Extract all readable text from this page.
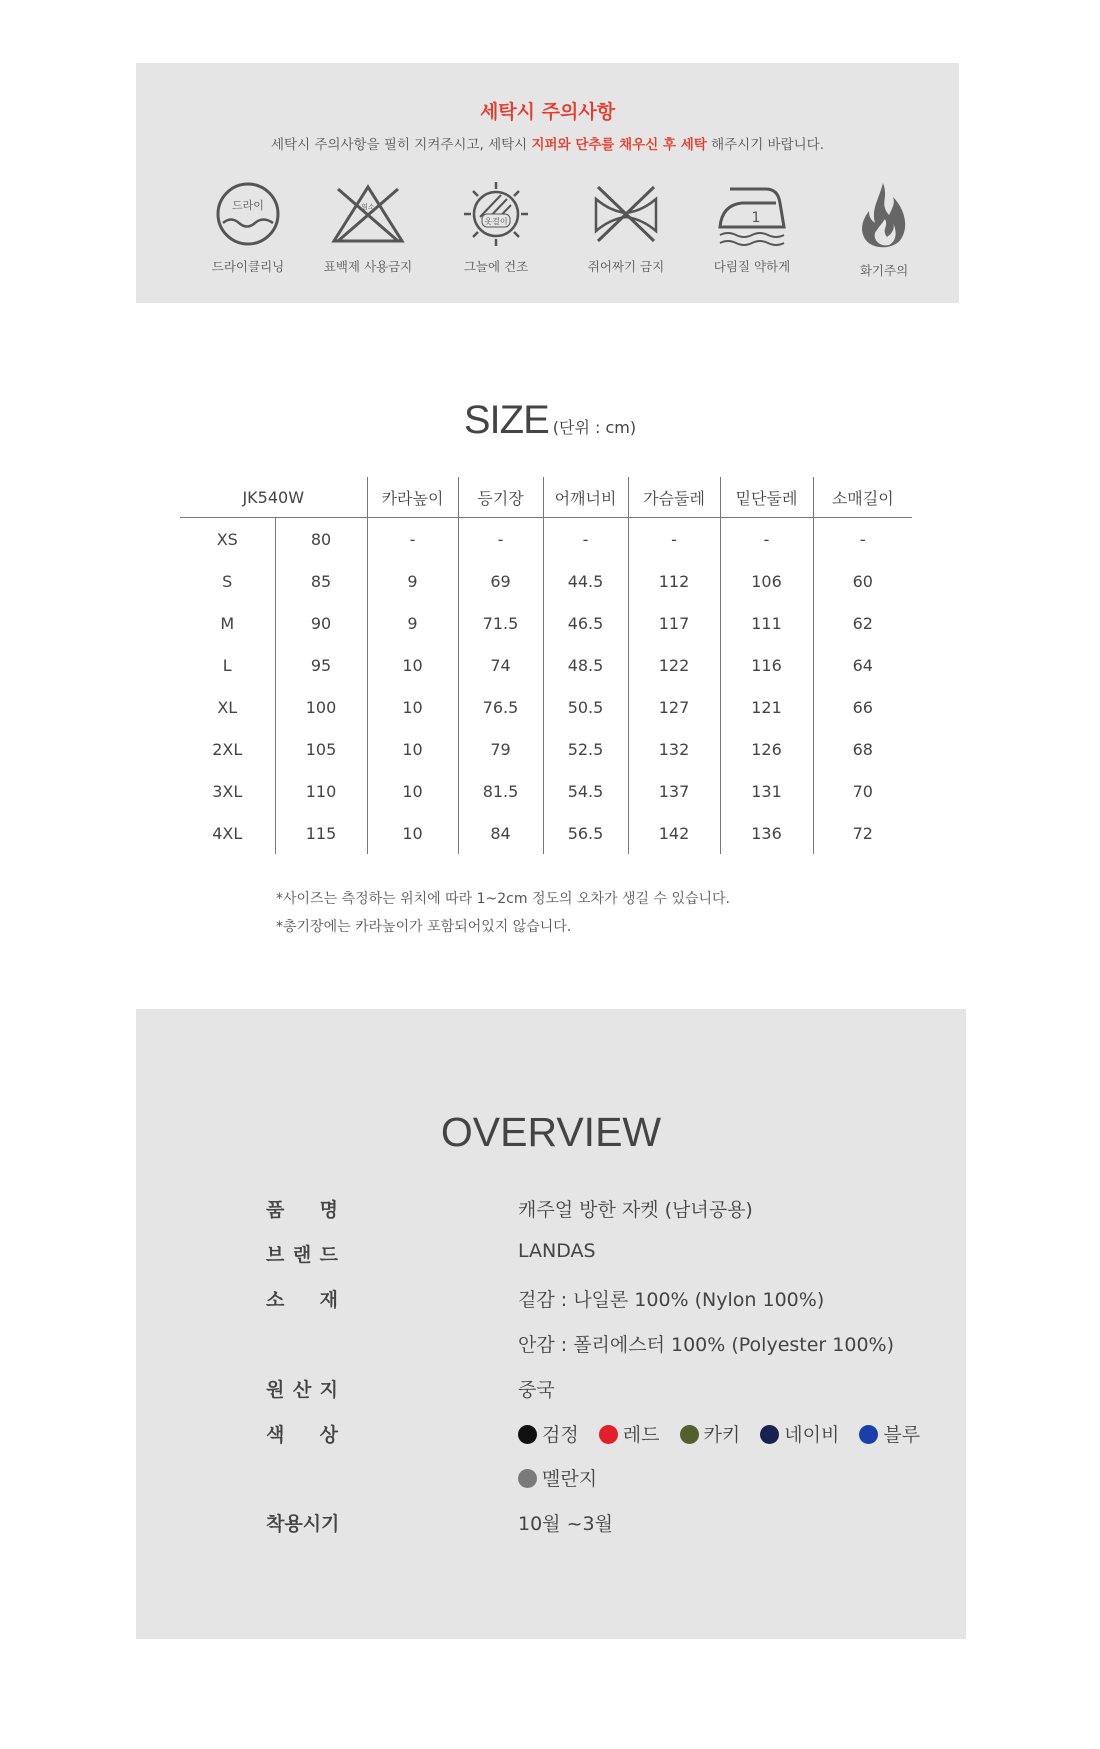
세탁시 주의사항
세탁시 주의사항을 필히 지켜주시고, 세탁시 지퍼와 단추를 채우신 후 세탁 해주시기 바랍니다.
드라이
드라이클리닝
염소
표백제 사용금지
옷걸이
그늘에 건조	쥐어짜기 금지
1
다림질 약하게	화기주의
SIZE (단위 : cm)
JK540W		카라높이	등기장	어깨너비	가슴둘레	밑단둘레	소매길이
XS	80	-	-	-	-	-	-
S	85	9	69	44.5	112	106	60
M	90	9	71.5	46.5	117	111	62
L	95	10	74	48.5	122	116	64
XL	100	10	76.5	50.5	127	121	66
2XL	105	10	79	52.5	132	126	68
3XL	110	10	81.5	54.5	137	131	70
4XL	115	10	84	56.5	142	136	72
*사이즈는 측정하는 위치에 따라 1~2cm 정도의 오차가 생길 수 있습니다.
*총기장에는 카라높이가 포함되어있지 않습니다.
OVERVIEW
품 명	캐주얼 방한 자켓 (남녀공용)
브 랜 드	LANDAS
소 재	겉감 : 나일론 100% (Nylon 100%)
안감 : 폴리에스터 100% (Polyester 100%)
원 산 지	중국
색 상	검정 레드 카키 네이비 블루
멜란지
착용시기	10월 ~3월
